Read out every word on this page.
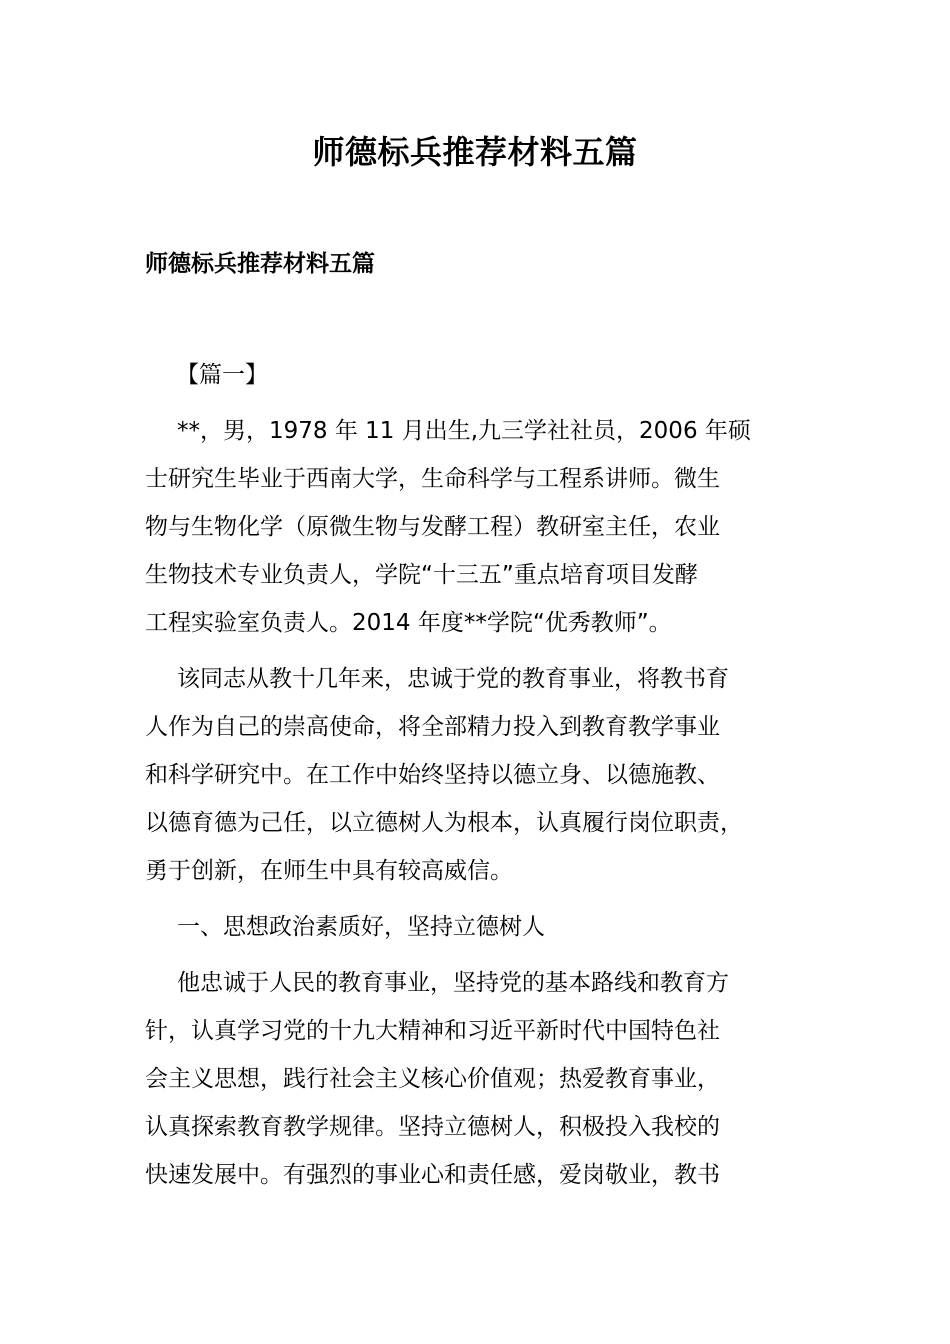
师德标兵推荐材料五篇
师德标兵推荐材料五篇

【篇一】

**，男，1978 年 11 月出生,九三学社社员，2006 年硕

士研究生毕业于西南大学，生命科学与工程系讲师。微生

物与生物化学（原微生物与发酵工程）教研室主任，农业

生物技术专业负责人，学院“十三五”重点培育项目发酵

工程实验室负责人。2014 年度**学院“优秀教师”。

该同志从教十几年来，忠诚于党的教育事业，将教书育

人作为自己的崇高使命，将全部精力投入到教育教学事业

和科学研究中。在工作中始终坚持以德立身、以德施教、

以德育德为己任，以立德树人为根本，认真履行岗位职责，

勇于创新，在师生中具有较高威信。

一、思想政治素质好，坚持立德树人

他忠诚于人民的教育事业，坚持党的基本路线和教育方

针，认真学习党的十九大精神和习近平新时代中国特色社

会主义思想，践行社会主义核心价值观；热爱教育事业，

认真探索教育教学规律。坚持立德树人，积极投入我校的

快速发展中。有强烈的事业心和责任感，爱岗敬业，教书
